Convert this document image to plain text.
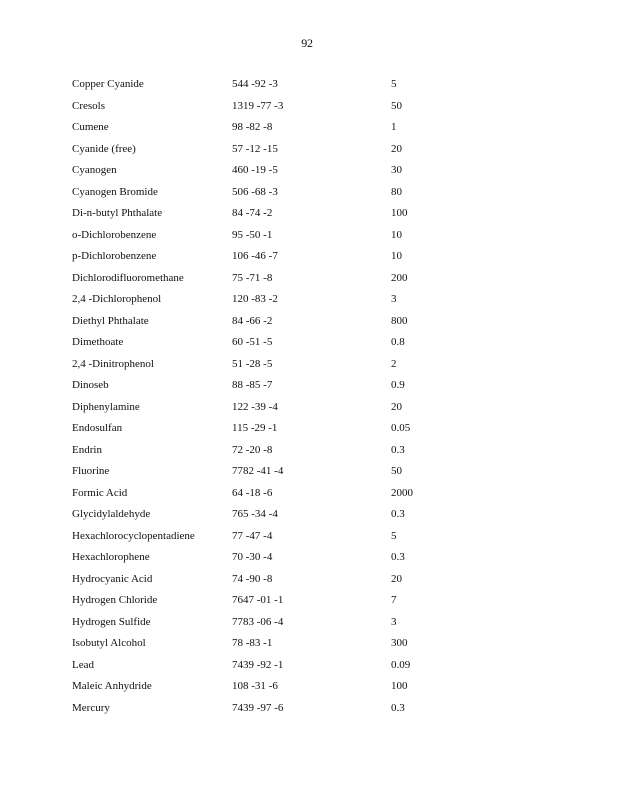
92
Copper Cyanide	544 -92 -3	5
Cresols	1319 -77 -3	50
Cumene	98 -82 -8	1
Cyanide (free)	57 -12 -15	20
Cyanogen	460 -19 -5	30
Cyanogen Bromide	506 -68 -3	80
Di-n-butyl Phthalate	84 -74 -2	100
o-Dichlorobenzene	95 -50 -1	10
p-Dichlorobenzene	106 -46 -7	10
Dichlorodifluoromethane	75 -71 -8	200
2,4 -Dichlorophenol	120 -83 -2	3
Diethyl Phthalate	84 -66 -2	800
Dimethoate	60 -51 -5	0.8
2,4 -Dinitrophenol	51 -28 -5	2
Dinoseb	88 -85 -7	0.9
Diphenylamine	122 -39 -4	20
Endosulfan	115 -29 -1	0.05
Endrin	72 -20 -8	0.3
Fluorine	7782 -41 -4	50
Formic Acid	64 -18 -6	2000
Glycidylaldehyde	765 -34 -4	0.3
Hexachlorocyclopentadiene	77 -47 -4	5
Hexachlorophene	70 -30 -4	0.3
Hydrocyanic Acid	74 -90 -8	20
Hydrogen Chloride	7647 -01 -1	7
Hydrogen Sulfide	7783 -06 -4	3
Isobutyl Alcohol	78 -83 -1	300
Lead	7439 -92 -1	0.09
Maleic Anhydride	108 -31 -6	100
Mercury	7439 -97 -6	0.3
